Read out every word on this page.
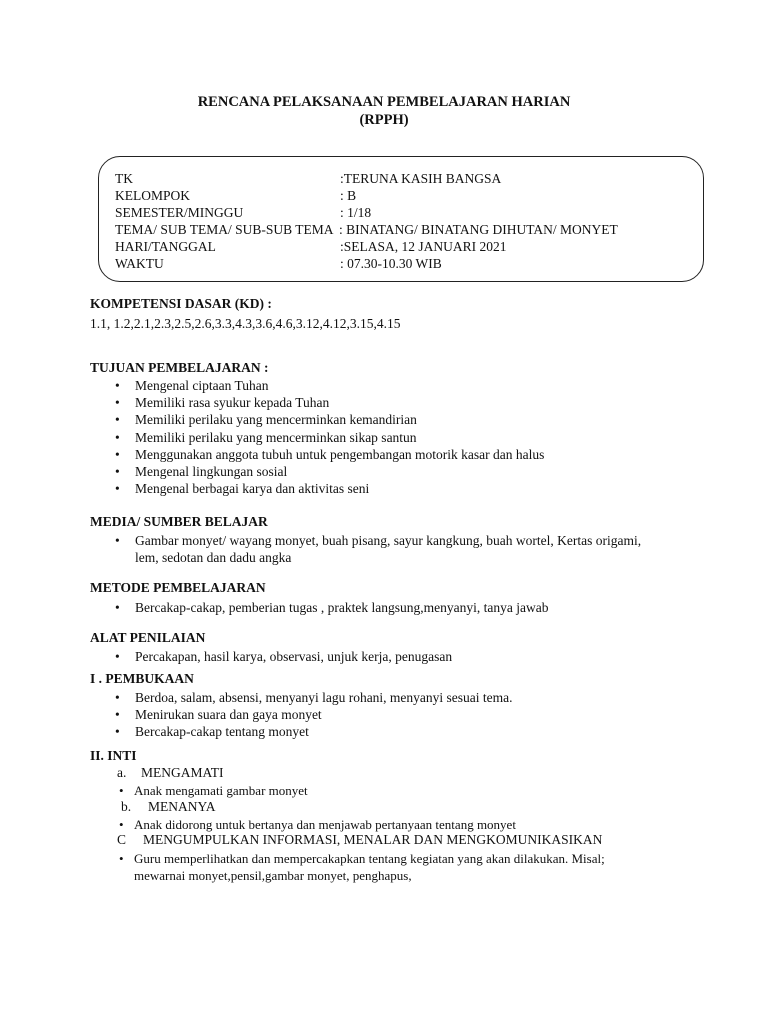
RENCANA PELAKSANAAN PEMBELAJARAN HARIAN
(RPPH)
TK	:TERUNA KASIH BANGSA
KELOMPOK	: B
SEMESTER/MINGGU	: 1/18
TEMA/ SUB TEMA/ SUB-SUB TEMA : BINATANG/ BINATANG DIHUTAN/ MONYET
HARI/TANGGAL	:SELASA, 12 JANUARI 2021
WAKTU	: 07.30-10.30 WIB
KOMPETENSI DASAR (KD) :
1.1, 1.2,2.1,2.3,2.5,2.6,3.3,4.3,3.6,4.6,3.12,4.12,3.15,4.15
TUJUAN PEMBELAJARAN :
• Mengenal ciptaan Tuhan
• Memiliki rasa syukur kepada Tuhan
• Memiliki perilaku yang mencerminkan kemandirian
• Memiliki perilaku yang mencerminkan sikap santun
• Menggunakan anggota tubuh untuk pengembangan motorik kasar dan halus
• Mengenal lingkungan sosial
• Mengenal berbagai karya dan aktivitas seni
MEDIA/ SUMBER BELAJAR
• Gambar monyet/ wayang monyet, buah pisang, sayur kangkung, buah wortel, Kertas origami,
lem, sedotan dan dadu angka
METODE PEMBELAJARAN
• Bercakap-cakap, pemberian tugas , praktek langsung,menyanyi, tanya jawab
ALAT PENILAIAN
• Percakapan, hasil karya, observasi, unjuk kerja, penugasan
I . PEMBUKAAN
• Berdoa, salam, absensi, menyanyi lagu rohani, menyanyi sesuai tema.
• Menirukan suara dan gaya monyet
• Bercakap-cakap tentang monyet
II. INTI
a. MENGAMATI
• Anak mengamati gambar monyet
b. MENANYA
• Anak didorong untuk bertanya dan menjawab pertanyaan tentang monyet
C MENGUMPULKAN INFORMASI, MENALAR DAN MENGKOMUNIKASIKAN
• Guru memperlihatkan dan mempercakapkan tentang kegiatan yang akan dilakukan. Misal;
mewarnai monyet,pensil,gambar monyet, penghapus,
